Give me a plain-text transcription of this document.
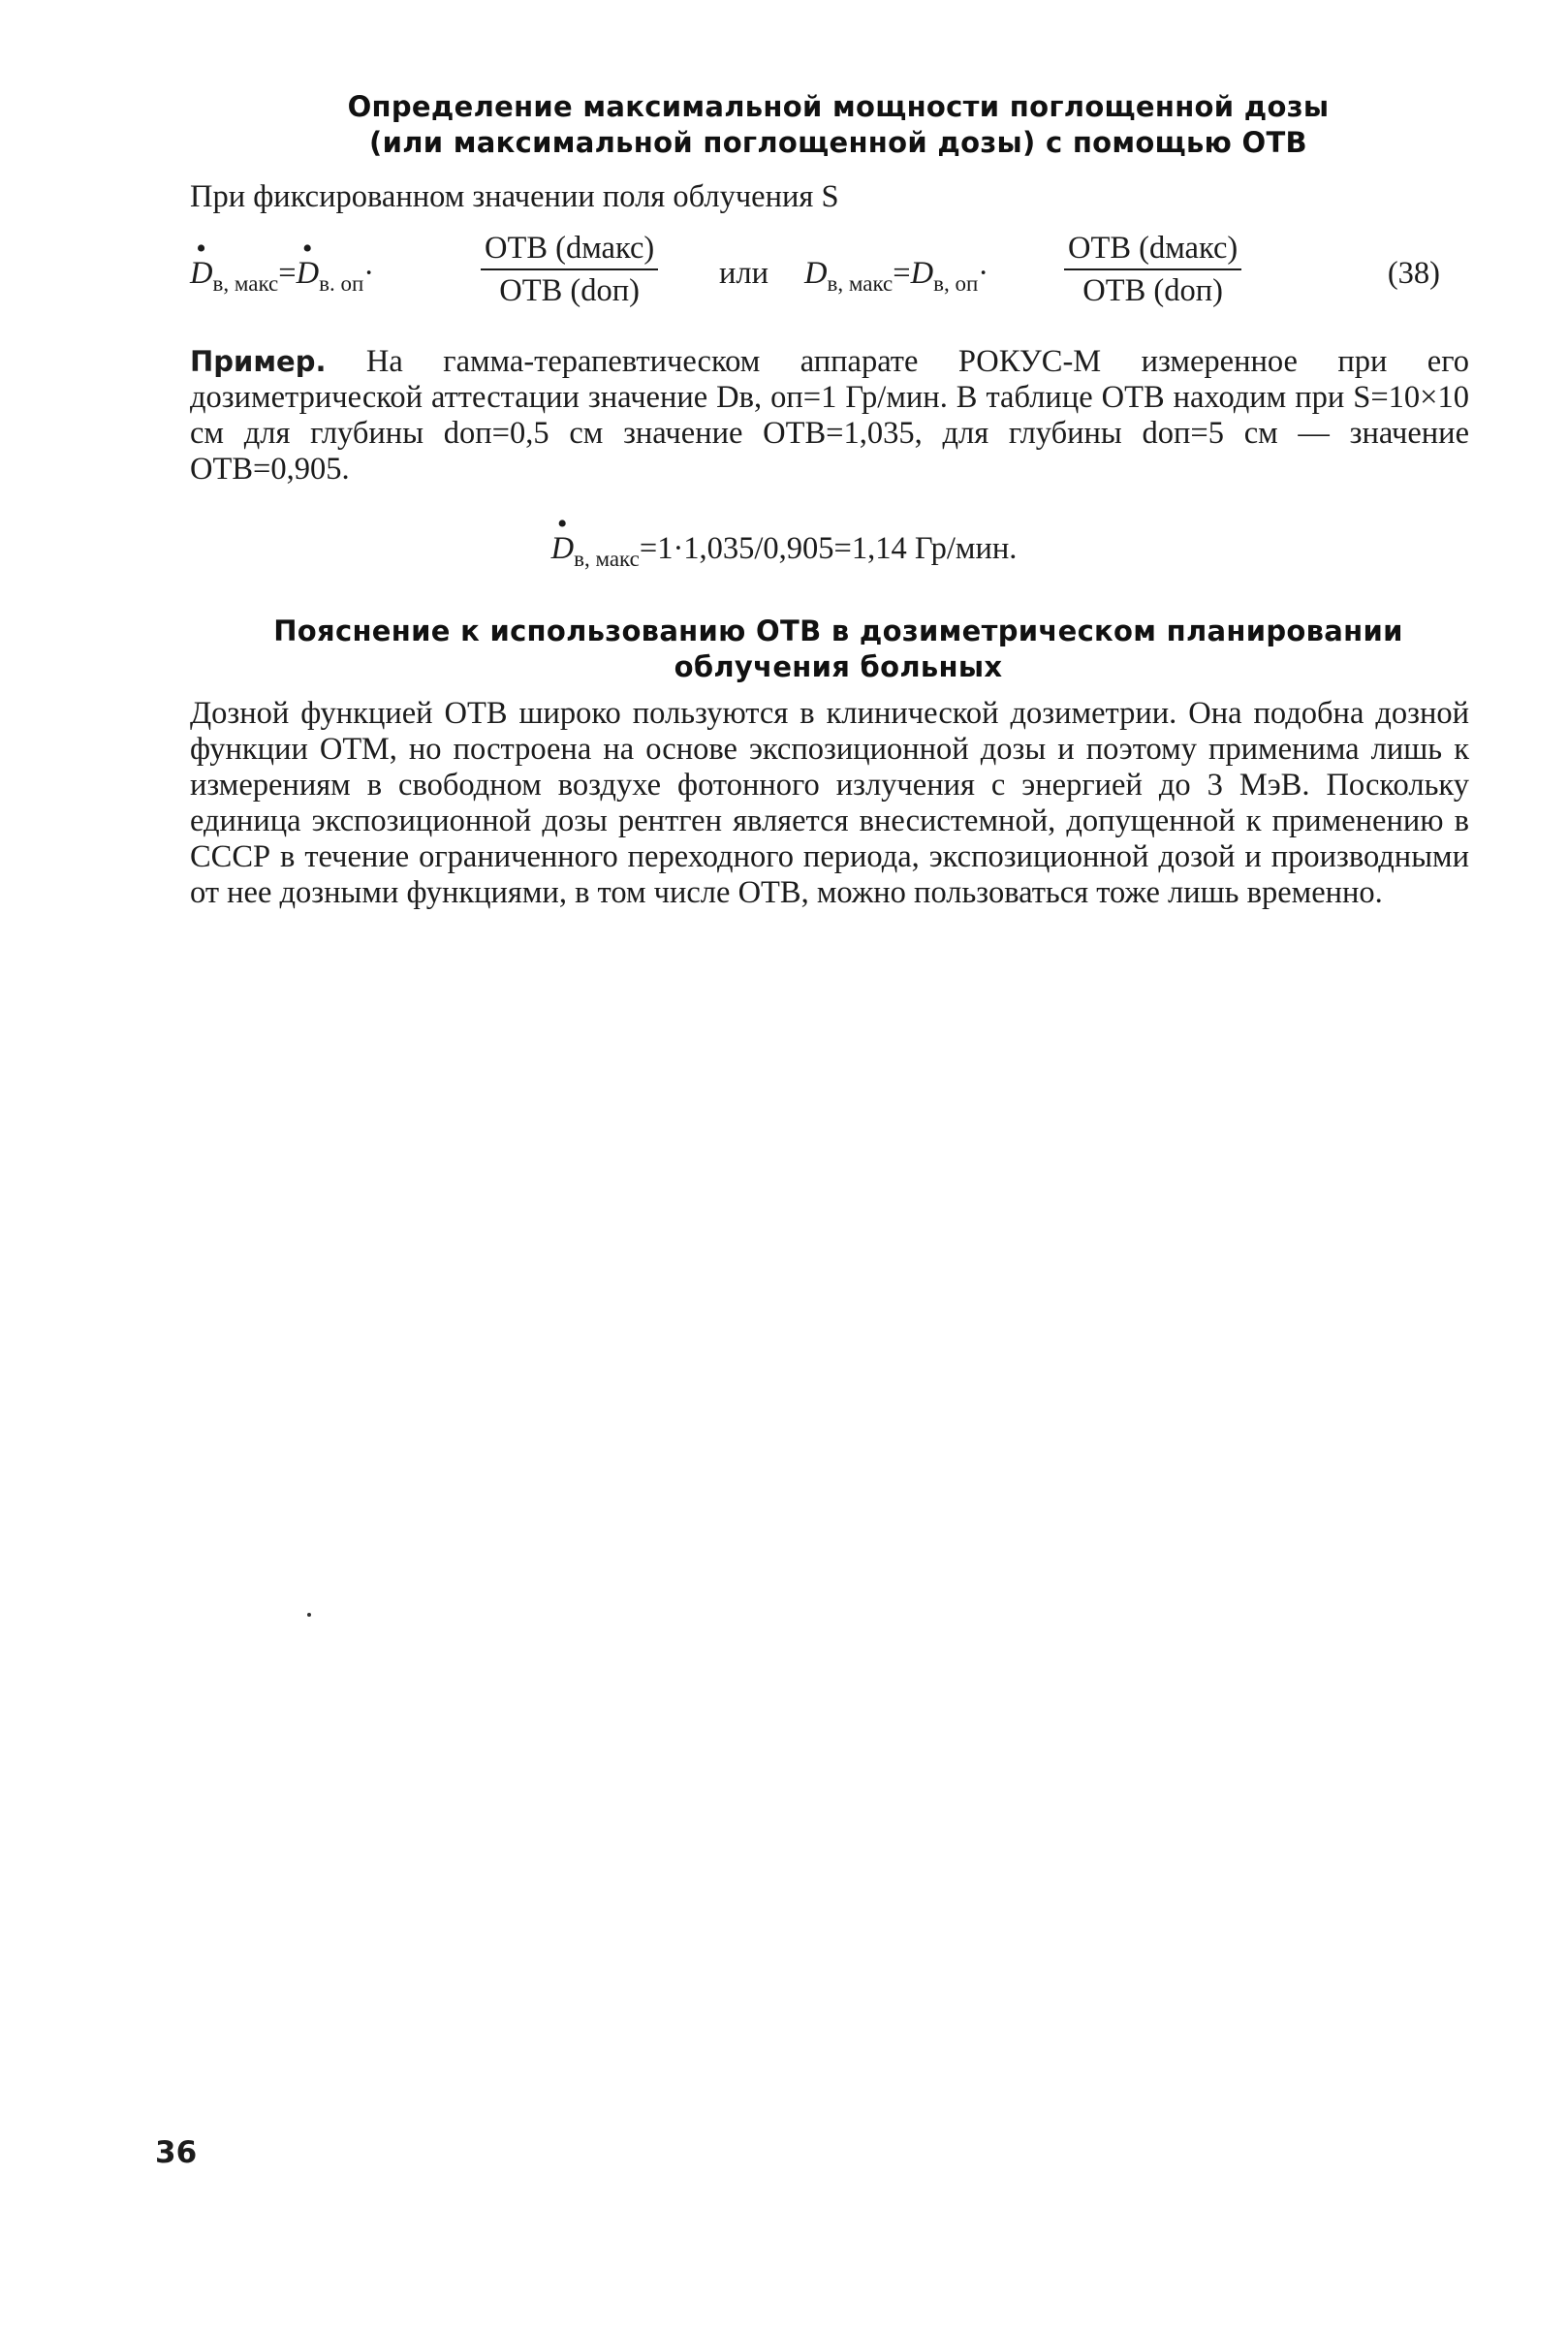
Определение максимальной мощности поглощенной дозы
(или максимальной поглощенной дозы) с помощью ОТВ
При фиксированном значении поля облучения S
•
$D_{в, макс}=$
•
$D_{в. оп}\cdot$
ОТВ (dмакс)
ОТВ (dоп)	или $D_{в, макс}=D_{в, оп}\cdot$
ОТВ (dмакс)
ОТВ (dоп)	(38)
Пример. На гамма-терапевтическом аппарате РОКУС-М измеренное при его дозиметрической аттестации значение Dв, оп=1 Гр/мин. В таблице ОТВ находим при S=10×10 см для глубины dоп=0,5 см значение ОТВ=1,035, для глубины dоп=5 см — значение ОТВ=0,905.
•
$D_{в, макс}=1\cdot 1,035/0,905=1,14$ Гр/мин.
Пояснение к использованию ОТВ в дозиметрическом планировании
облучения больных
Дозной функцией ОТВ широко пользуются в клинической дозиметрии. Она подобна дозной функции ОТМ, но построена на основе экспозиционной дозы и поэтому применима лишь к измерениям в свободном воздухе фотонного излучения с энергией до 3 МэВ. Поскольку единица экспозиционной дозы рентген является внесистемной, допущенной к применению в СССР в течение ограниченного переходного периода, экспозиционной дозой и производными от нее дозными функциями, в том числе ОТВ, можно пользоваться тоже лишь временно.
36
